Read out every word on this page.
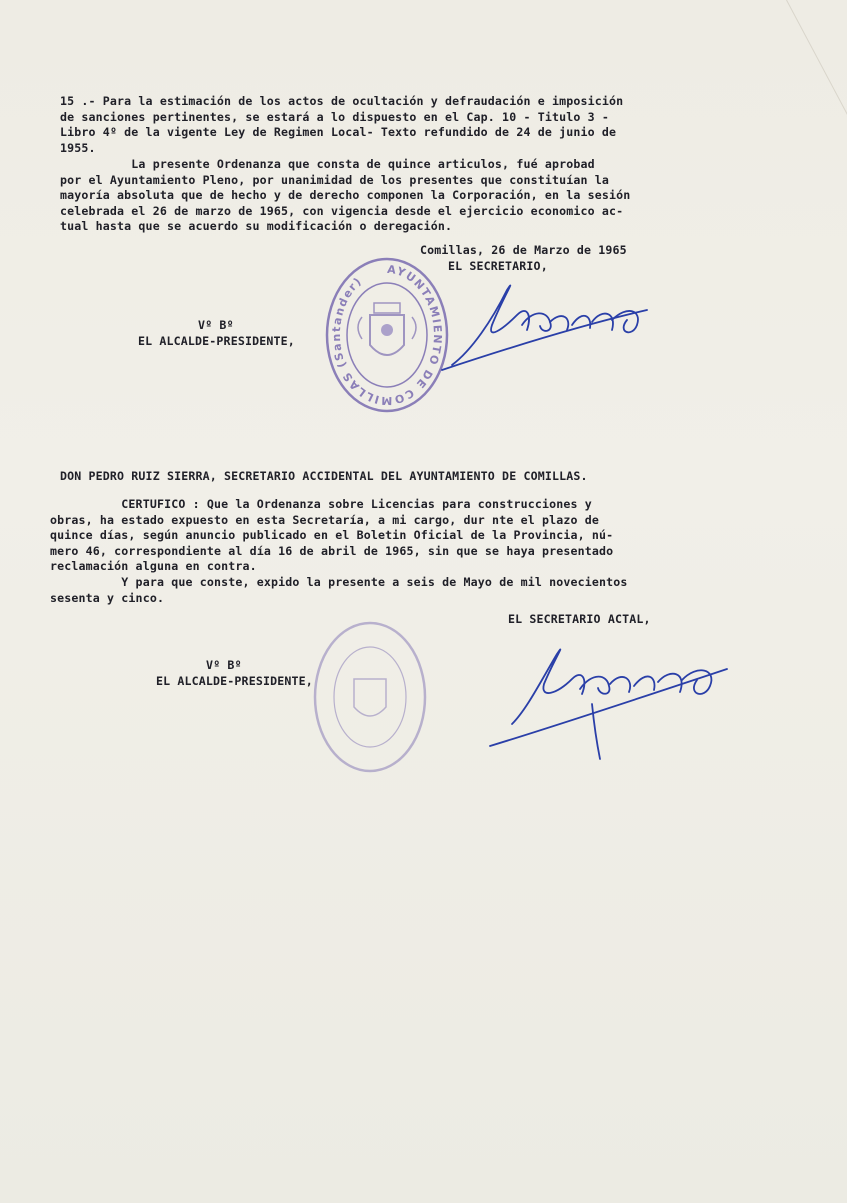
15 .- Para la estimación de los actos de ocultación y defraudación e imposición
de sanciones pertinentes, se estará a lo dispuesto en el Cap. 10 - Titulo 3 -
Libro 4º de la vigente Ley de Regimen Local- Texto refundido de 24 de junio de
1955.
La presente Ordenanza que consta de quince articulos, fué aprobad
por el Ayuntamiento Pleno, por unanimidad de los presentes que constituían la
mayoría absoluta que de hecho y de derecho componen la Corporación, en la sesión
celebrada el 26 de marzo de 1965, con vigencia desde el ejercicio economico ac-
tual hasta que se acuerdo su modificación o deregación.
Comillas, 26 de Marzo de 1965
EL SECRETARIO,
Vº Bº
EL ALCALDE-PRESIDENTE,
AYUNTAMIENTO DE COMILLAS (Santander)
DON PEDRO RUIZ SIERRA, SECRETARIO ACCIDENTAL DEL AYUNTAMIENTO DE COMILLAS.
CERTUFICO : Que la Ordenanza sobre Licencias para construcciones y
obras, ha estado expuesto en esta Secretaría, a mi cargo, dur nte el plazo de
quince días, según anuncio publicado en el Boletin Oficial de la Provincia, nú-
mero 46, correspondiente al día 16 de abril de 1965, sin que se haya presentado
reclamación alguna en contra.
Y para que conste, expido la presente a seis de Mayo de mil novecientos
sesenta y cinco.
EL SECRETARIO ACTAL,
Vº Bº
EL ALCALDE-PRESIDENTE,
